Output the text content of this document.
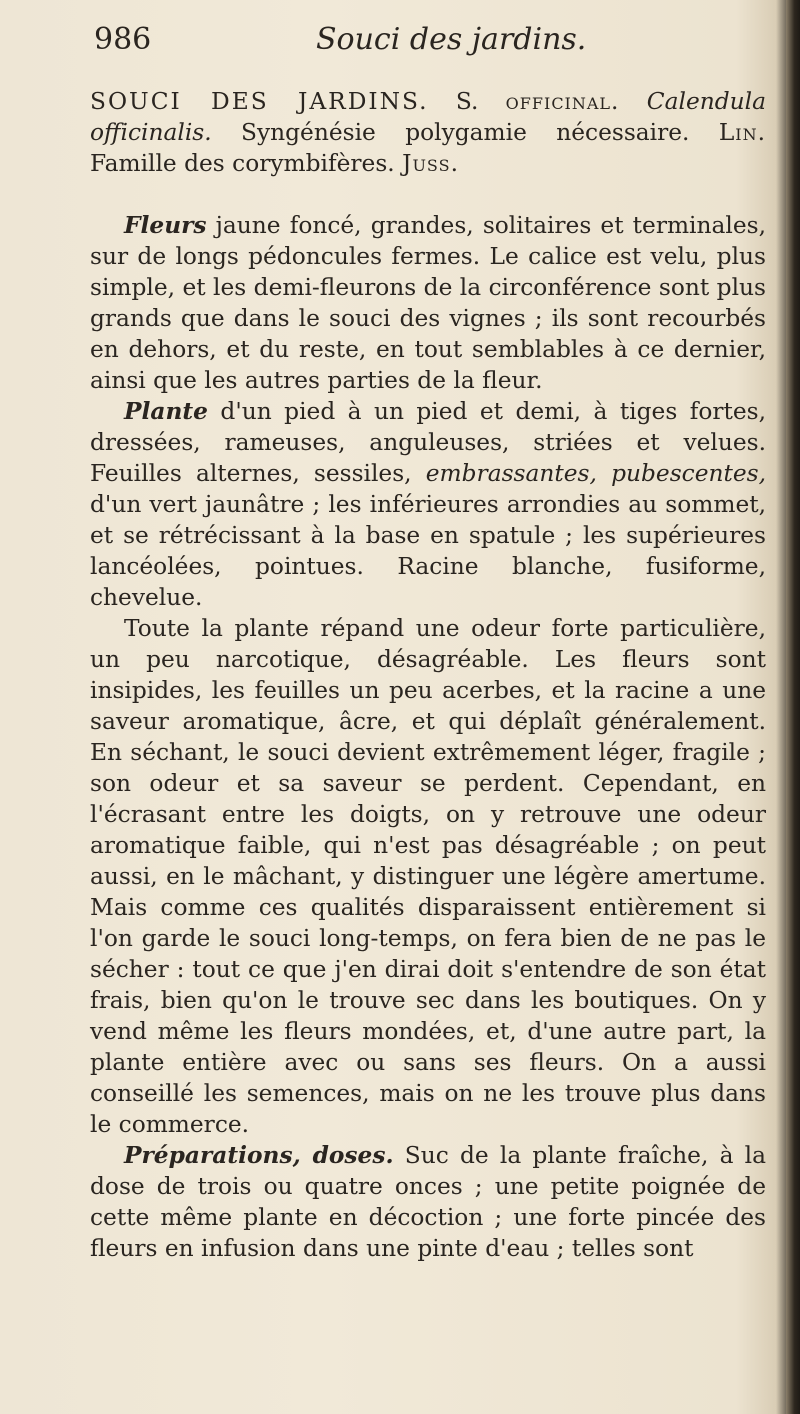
986	Souci des jardins.

SOUCI DES JARDINS. S. officinal. Calendula officinalis. Syngénésie polygamie nécessaire. Lin. Famille des corymbifères. Juss.

Fleurs jaune foncé, grandes, solitaires et terminales, sur de longs pédoncules fermes. Le calice est velu, plus simple, et les demi-fleurons de la circonférence sont plus grands que dans le souci des vignes ; ils sont recourbés en dehors, et du reste, en tout semblables à ce dernier, ainsi que les autres parties de la fleur.

Plante d'un pied à un pied et demi, à tiges fortes, dressées, rameuses, anguleuses, striées et velues. Feuilles alternes, sessiles, embrassantes, pubescentes, d'un vert jaunâtre ; les inférieures arrondies au sommet, et se rétrécissant à la base en spatule ; les supérieures lancéolées, pointues. Racine blanche, fusiforme, chevelue.

Toute la plante répand une odeur forte particulière, un peu narcotique, désagréable. Les fleurs sont insipides, les feuilles un peu acerbes, et la racine a une saveur aromatique, âcre, et qui déplaît généralement. En séchant, le souci devient extrêmement léger, fragile ; son odeur et sa saveur se perdent. Cependant, en l'écrasant entre les doigts, on y retrouve une odeur aromatique faible, qui n'est pas désagréable ; on peut aussi, en le mâchant, y distinguer une légère amertume. Mais comme ces qualités disparaissent entièrement si l'on garde le souci long-temps, on fera bien de ne pas le sécher : tout ce que j'en dirai doit s'entendre de son état frais, bien qu'on le trouve sec dans les boutiques. On y vend même les fleurs mondées, et, d'une autre part, la plante entière avec ou sans ses fleurs. On a aussi conseillé les semences, mais on ne les trouve plus dans le commerce.

Préparations, doses. Suc de la plante fraîche, à la dose de trois ou quatre onces ; une petite poignée de cette même plante en décoction ; une forte pincée des fleurs en infusion dans une pinte d'eau ; telles sont
